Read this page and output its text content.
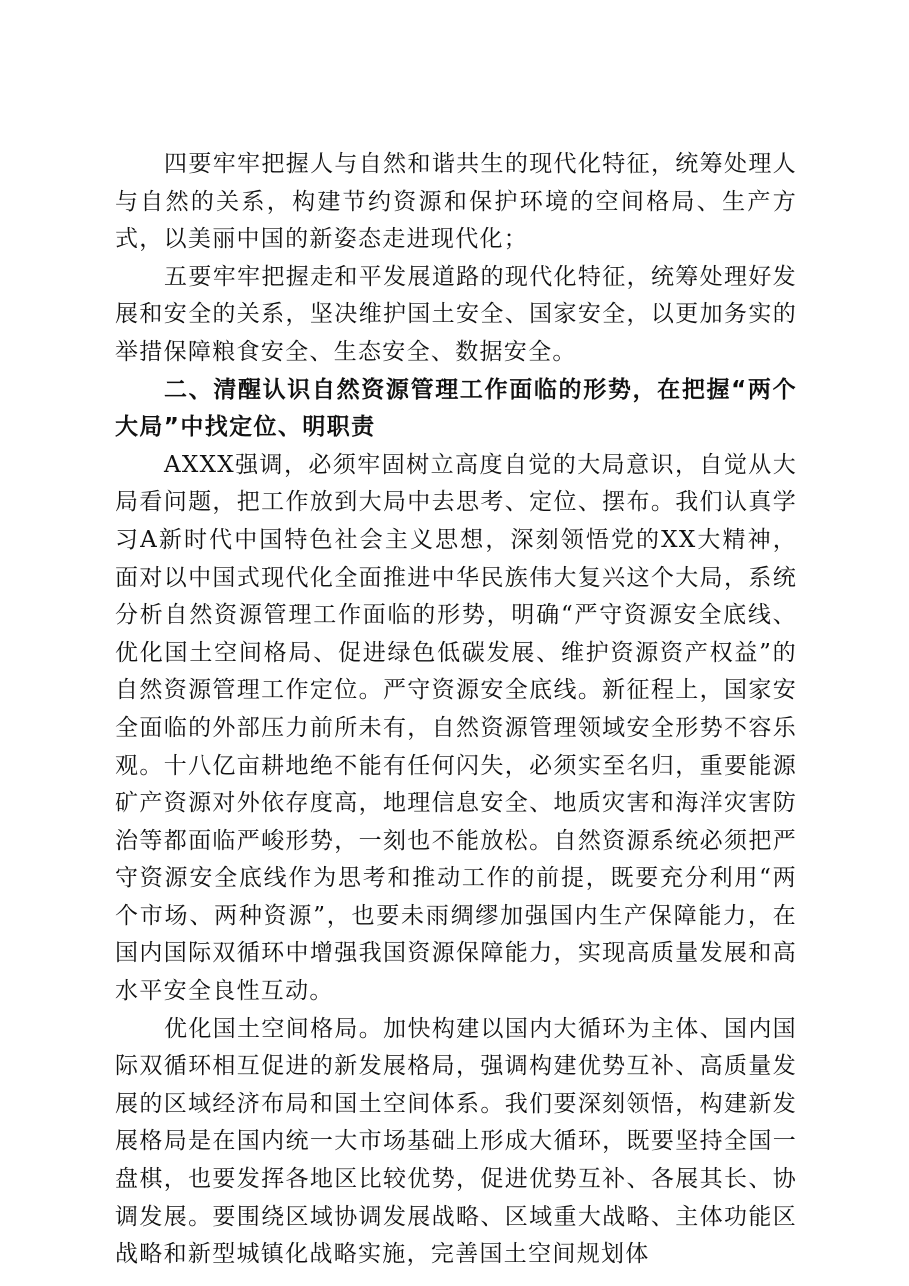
四要牢牢把握人与自然和谐共生的现代化特征，统筹处理人与自然的关系，构建节约资源和保护环境的空间格局、生产方式，以美丽中国的新姿态走进现代化；

五要牢牢把握走和平发展道路的现代化特征，统筹处理好发展和安全的关系，坚决维护国土安全、国家安全，以更加务实的举措保障粮食安全、生态安全、数据安全。

二、清醒认识自然资源管理工作面临的形势，在把握“两个大局”中找定位、明职责

AXXX强调，必须牢固树立高度自觉的大局意识，自觉从大局看问题，把工作放到大局中去思考、定位、摆布。我们认真学习A新时代中国特色社会主义思想，深刻领悟党的XX大精神，面对以中国式现代化全面推进中华民族伟大复兴这个大局，系统分析自然资源管理工作面临的形势，明确“严守资源安全底线、优化国土空间格局、促进绿色低碳发展、维护资源资产权益”的自然资源管理工作定位。严守资源安全底线。新征程上，国家安全面临的外部压力前所未有，自然资源管理领域安全形势不容乐观。十八亿亩耕地绝不能有任何闪失，必须实至名归，重要能源矿产资源对外依存度高，地理信息安全、地质灾害和海洋灾害防治等都面临严峻形势，一刻也不能放松。自然资源系统必须把严守资源安全底线作为思考和推动工作的前提，既要充分利用“两个市场、两种资源”，也要未雨绸缪加强国内生产保障能力，在国内国际双循环中增强我国资源保障能力，实现高质量发展和高水平安全良性互动。

优化国土空间格局。加快构建以国内大循环为主体、国内国际双循环相互促进的新发展格局，强调构建优势互补、高质量发展的区域经济布局和国土空间体系。我们要深刻领悟，构建新发展格局是在国内统一大市场基础上形成大循环，既要坚持全国一盘棋，也要发挥各地区比较优势，促进优势互补、各展其长、协调发展。要围绕区域协调发展战略、区域重大战略、主体功能区战略和新型城镇化战略实施，完善国土空间规划体
